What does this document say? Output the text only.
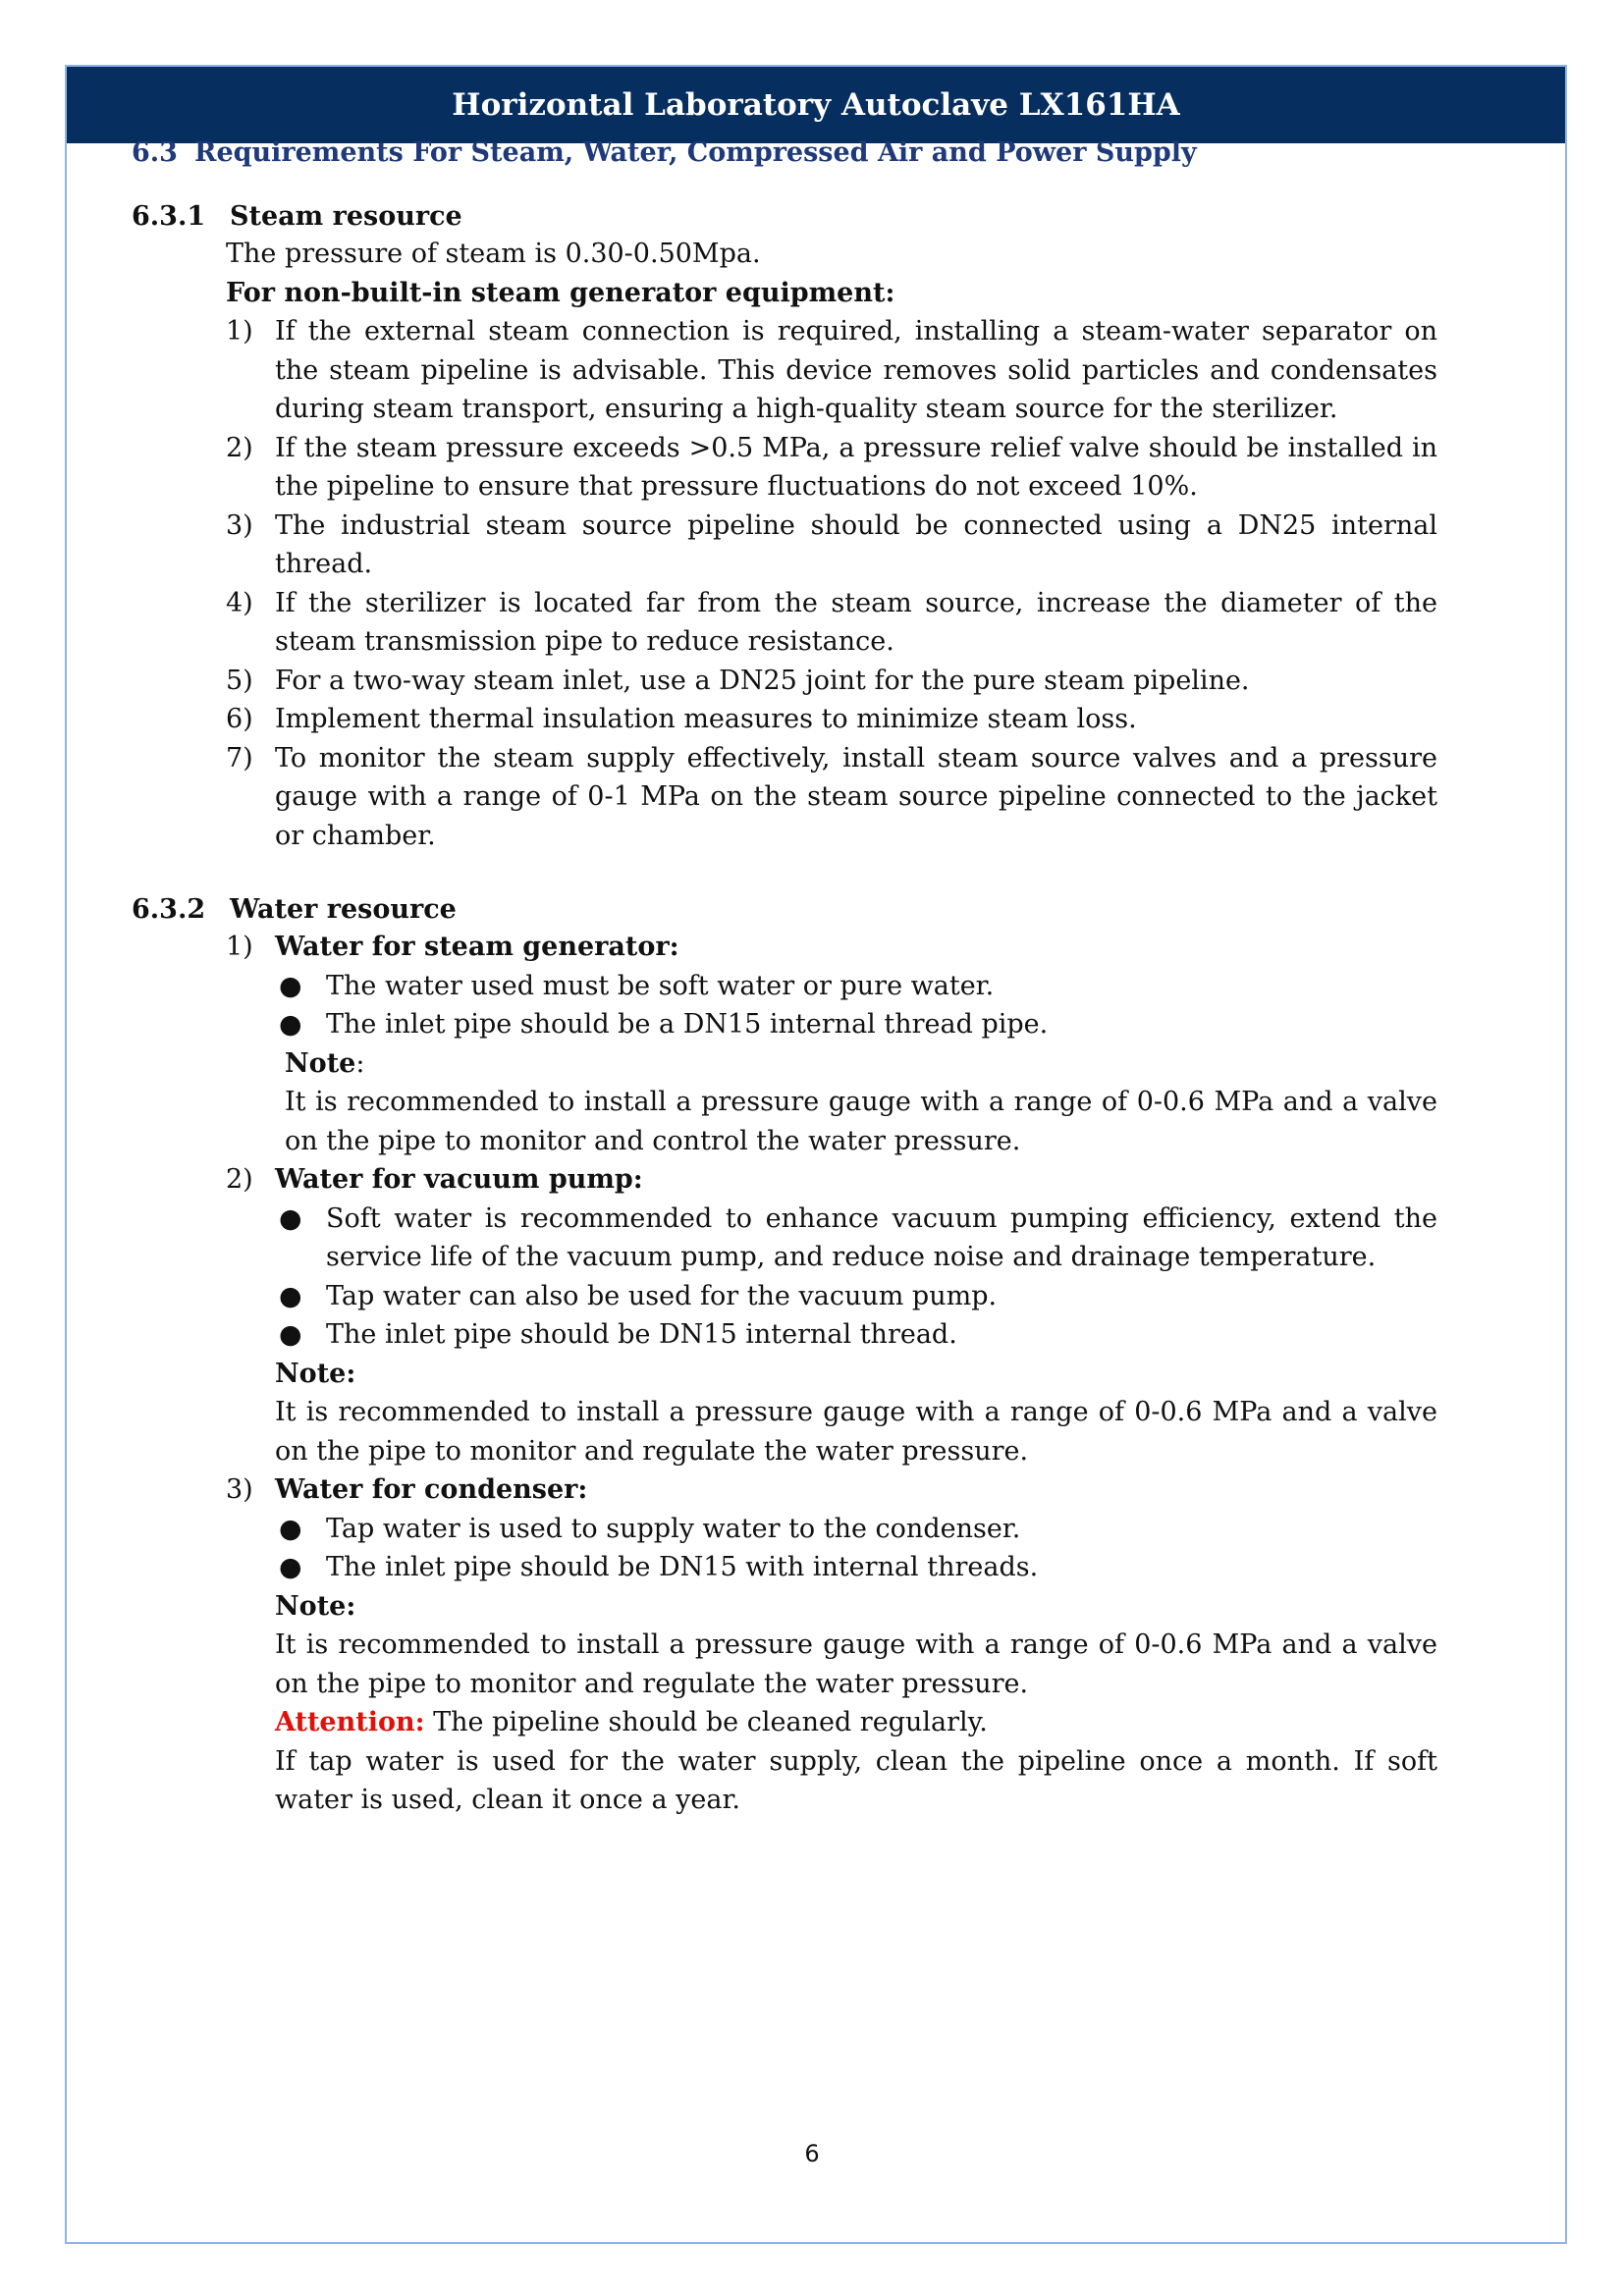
Horizontal Laboratory Autoclave LX161HA
6.3 Requirements For Steam, Water, Compressed Air and Power Supply
6.3.1 Steam resource
The pressure of steam is 0.30-0.50Mpa.
For non-built-in steam generator equipment:
1) If the external steam connection is required, installing a steam-water separator on the steam pipeline is advisable. This device removes solid particles and condensates during steam transport, ensuring a high-quality steam source for the sterilizer.
2) If the steam pressure exceeds >0.5 MPa, a pressure relief valve should be installed in the pipeline to ensure that pressure fluctuations do not exceed 10%.
3) The industrial steam source pipeline should be connected using a DN25 internal thread.
4) If the sterilizer is located far from the steam source, increase the diameter of the steam transmission pipe to reduce resistance.
5) For a two-way steam inlet, use a DN25 joint for the pure steam pipeline.
6) Implement thermal insulation measures to minimize steam loss.
7) To monitor the steam supply effectively, install steam source valves and a pressure gauge with a range of 0-1 MPa on the steam source pipeline connected to the jacket or chamber.
6.3.2 Water resource
1) Water for steam generator:
● The water used must be soft water or pure water.
● The inlet pipe should be a DN15 internal thread pipe.
Note:
It is recommended to install a pressure gauge with a range of 0-0.6 MPa and a valve on the pipe to monitor and control the water pressure.
2) Water for vacuum pump:
● Soft water is recommended to enhance vacuum pumping efficiency, extend the service life of the vacuum pump, and reduce noise and drainage temperature.
● Tap water can also be used for the vacuum pump.
● The inlet pipe should be DN15 internal thread.
Note:
It is recommended to install a pressure gauge with a range of 0-0.6 MPa and a valve on the pipe to monitor and regulate the water pressure.
3) Water for condenser:
● Tap water is used to supply water to the condenser.
● The inlet pipe should be DN15 with internal threads.
Note:
It is recommended to install a pressure gauge with a range of 0-0.6 MPa and a valve on the pipe to monitor and regulate the water pressure.
Attention: The pipeline should be cleaned regularly.
If tap water is used for the water supply, clean the pipeline once a month. If soft water is used, clean it once a year.
6
